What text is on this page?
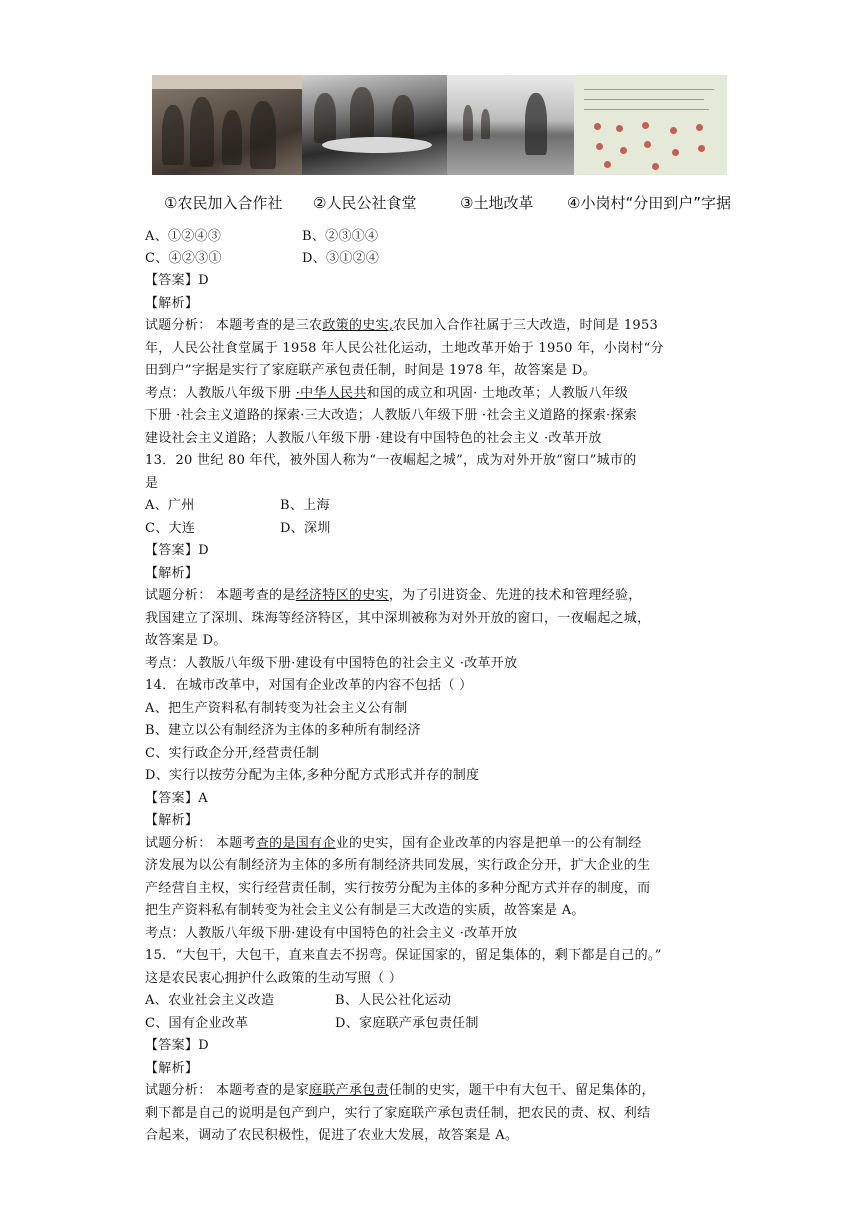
①农民加入合作社 ②人民公社食堂	③土地改革 ④小岗村“分田到户”字据
A、①②④③	B、②③①④
C、④②③①	D、③①②④
【答案】D
【解析】
试题分析： 本题考查的是三农政策的史实,农民加入合作社属于三大改造，时间是 1953
年，人民公社食堂属于 1958 年人民公社化运动，土地改革开始于 1950 年，小岗村“分
田到户”字据是实行了家庭联产承包责任制，时间是 1978 年，故答案是 D。
考点：人教版八年级下册 ·中华人民共和国的成立和巩固· 土地改革；人教版八年级
下册 ·社会主义道路的探索·三大改造；人教版八年级下册 ·社会主义道路的探索·探索
建设社会主义道路；人教版八年级下册 ·建设有中国特色的社会主义 ·改革开放
13．20 世纪 80 年代，被外国人称为“一夜崛起之城”，成为对外开放“窗口”城市的
是
A、广州	B、上海
C、大连	D、深圳
【答案】D
【解析】
试题分析： 本题考查的是经济特区的史实，为了引进资金、先进的技术和管理经验，
我国建立了深圳、珠海等经济特区，其中深圳被称为对外开放的窗口，一夜崛起之城，
故答案是 D。
考点：人教版八年级下册·建设有中国特色的社会主义 ·改革开放
14．在城市改革中，对国有企业改革的内容不包括（ ）
A、把生产资料私有制转变为社会主义公有制
B、建立以公有制经济为主体的多种所有制经济
C、实行政企分开,经营责任制
D、实行以按劳分配为主体,多种分配方式形式并存的制度
【答案】A
【解析】
试题分析： 本题考查的是国有企业的史实，国有企业改革的内容是把单一的公有制经
济发展为以公有制经济为主体的多所有制经济共同发展，实行政企分开，扩大企业的生
产经营自主权，实行经营责任制，实行按劳分配为主体的多种分配方式并存的制度，而
把生产资料私有制转变为社会主义公有制是三大改造的实质，故答案是 A。
考点：人教版八年级下册·建设有中国特色的社会主义 ·改革开放
15．“大包干，大包干，直来直去不拐弯。保证国家的，留足集体的，剩下都是自己的。”
这是农民衷心拥护什么政策的生动写照（ ）
A、农业社会主义改造	B、人民公社化运动
C、国有企业改革	D、家庭联产承包责任制
【答案】D
【解析】
试题分析： 本题考查的是家庭联产承包责任制的史实，题干中有大包干、留足集体的，
剩下都是自己的说明是包产到户，实行了家庭联产承包责任制，把农民的责、权、利结
合起来，调动了农民积极性，促进了农业大发展，故答案是 A。
